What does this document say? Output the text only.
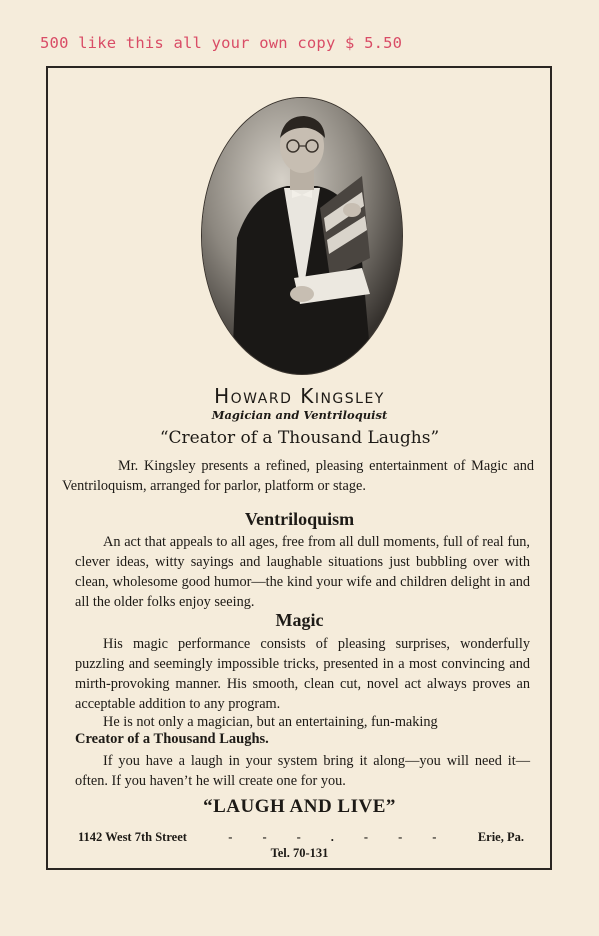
500 like this all your own copy $ 5.50
Howard Kingsley
Magician and Ventriloquist
“Creator of a Thousand Laughs”
Mr. Kingsley presents a refined, pleasing entertainment of Magic and Ventriloquism, arranged for parlor, platform or stage.
Ventriloquism
An act that appeals to all ages, free from all dull moments, full of real fun, clever ideas, witty sayings and laughable situations just bubbling over with clean, wholesome good humor—the kind your wife and children delight in and all the older folks enjoy seeing.
Magic
His magic performance consists of pleasing surprises, wonderfully puzzling and seemingly impossible tricks, presented in a most convincing and mirth-provoking manner. His smooth, clean cut, novel act always proves an acceptable addition to any program.
He is not only a magician, but an entertaining, fun-making
Creator of a Thousand Laughs.
If you have a laugh in your system bring it along—you will need it—often. If you haven’t he will create one for you.
“LAUGH AND LIVE”
1142 West 7th Street	- - - . - - -	Erie, Pa.
Tel. 70-131
